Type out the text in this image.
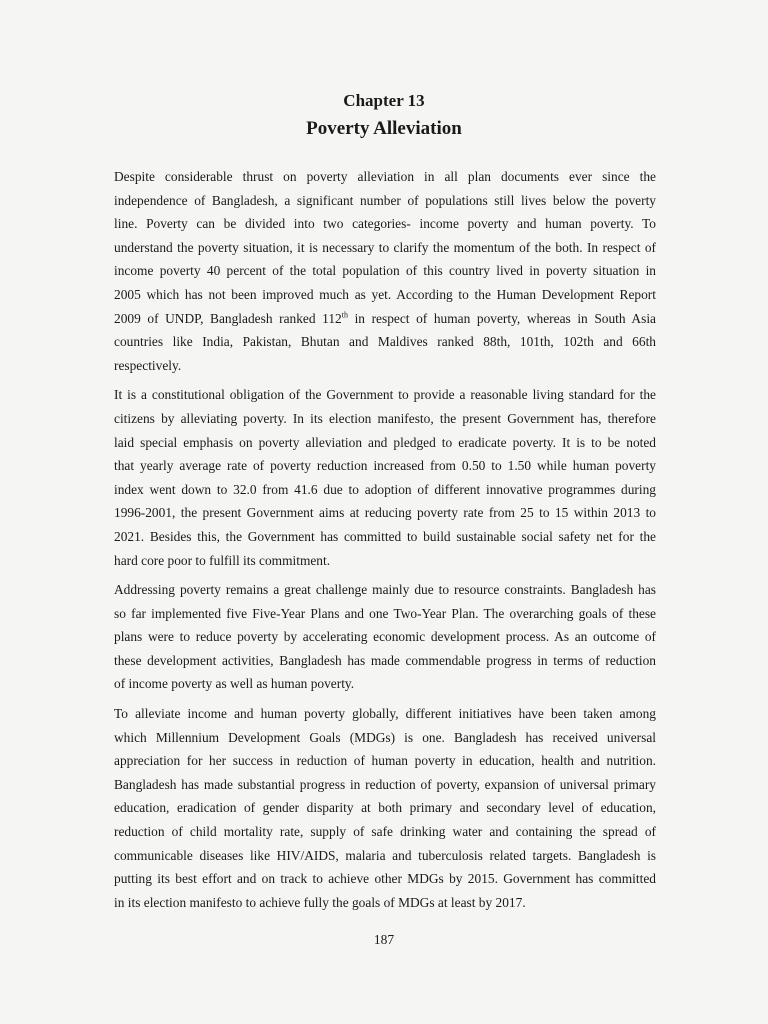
Chapter 13
Poverty Alleviation
Despite considerable thrust on poverty alleviation in all plan documents ever since the
independence of Bangladesh, a significant number of populations still lives below the poverty
line. Poverty can be divided into two categories- income poverty and human poverty. To
understand the poverty situation, it is necessary to clarify the momentum of the both. In respect of
income poverty 40 percent of the total population of this country lived in poverty situation in
2005 which has not been improved much as yet. According to the Human Development Report
2009 of UNDP, Bangladesh ranked 112th in respect of human poverty, whereas in South Asia
countries like India, Pakistan, Bhutan and Maldives ranked 88th, 101th, 102th and 66th
respectively.
It is a constitutional obligation of the Government to provide a reasonable living standard for the
citizens by alleviating poverty. In its election manifesto, the present Government has, therefore
laid special emphasis on poverty alleviation and pledged to eradicate poverty. It is to be noted
that yearly average rate of poverty reduction increased from 0.50 to 1.50 while human poverty
index went down to 32.0 from 41.6 due to adoption of different innovative programmes during
1996-2001, the present Government aims at reducing poverty rate from 25 to 15 within 2013 to
2021. Besides this, the Government has committed to build sustainable social safety net for the
hard core poor to fulfill its commitment.
Addressing poverty remains a great challenge mainly due to resource constraints. Bangladesh has
so far implemented five Five-Year Plans and one Two-Year Plan. The overarching goals of these
plans were to reduce poverty by accelerating economic development process. As an outcome of
these development activities, Bangladesh has made commendable progress in terms of reduction
of income poverty as well as human poverty.
To alleviate income and human poverty globally, different initiatives have been taken among
which Millennium Development Goals (MDGs) is one. Bangladesh has received universal
appreciation for her success in reduction of human poverty in education, health and nutrition.
Bangladesh has made substantial progress in reduction of poverty, expansion of universal primary
education, eradication of gender disparity at both primary and secondary level of education,
reduction of child mortality rate, supply of safe drinking water and containing the spread of
communicable diseases like HIV/AIDS, malaria and tuberculosis related targets. Bangladesh is
putting its best effort and on track to achieve other MDGs by 2015. Government has committed
in its election manifesto to achieve fully the goals of MDGs at least by 2017.
187
